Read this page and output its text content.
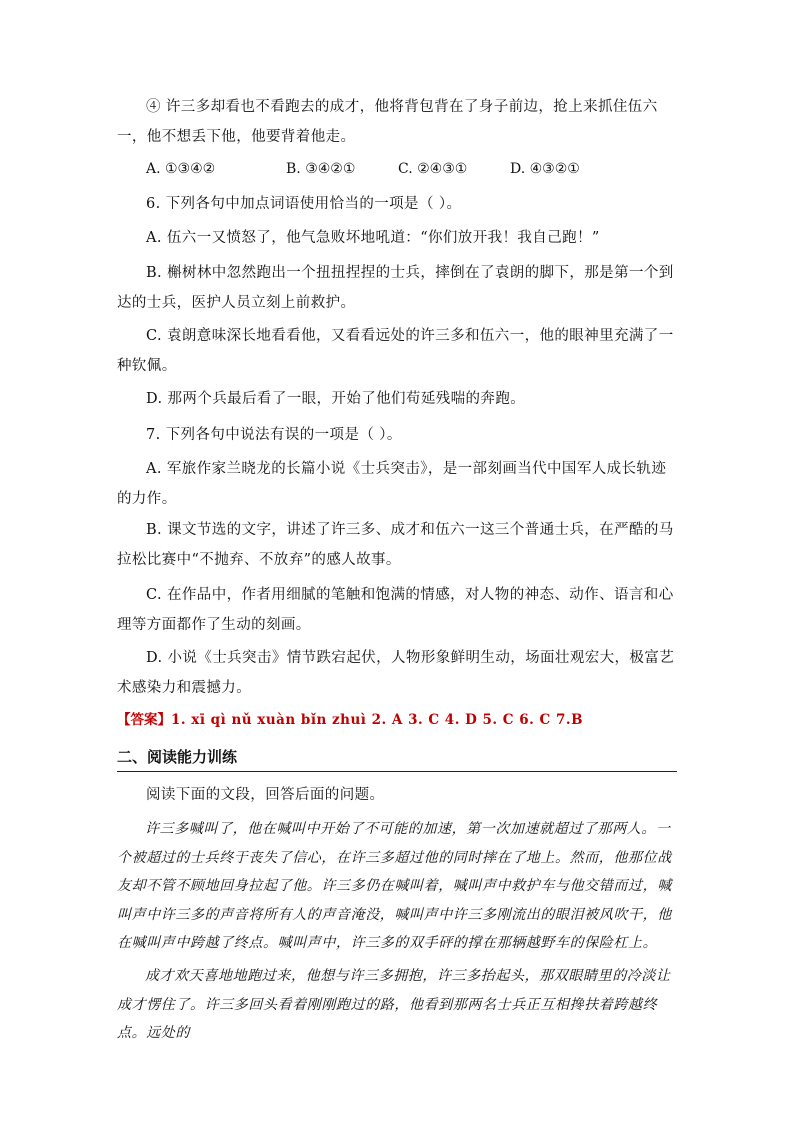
④ 许三多却看也不看跑去的成才，他将背包背在了身子前边，抢上来抓住伍六一，他不想丢下他，他要背着他走。

A. ①③④②	B. ③④②①	C. ②④③①	D. ④③②①

6. 下列各句中加点词语使用恰当的一项是（ ）。

A. 伍六一又愤怒了，他气急败坏地吼道：“你们放开我！我自己跑！”

B. 槲树林中忽然跑出一个扭扭捏捏的士兵，摔倒在了袁朗的脚下，那是第一个到达的士兵，医护人员立刻上前救护。

C. 袁朗意味深长地看看他，又看看远处的许三多和伍六一，他的眼神里充满了一种钦佩。

D. 那两个兵最后看了一眼，开始了他们苟延残喘的奔跑。

7. 下列各句中说法有误的一项是（ ）。

A. 军旅作家兰晓龙的长篇小说《士兵突击》，是一部刻画当代中国军人成长轨迹的力作。

B. 课文节选的文字，讲述了许三多、成才和伍六一这三个普通士兵，在严酷的马拉松比赛中“不抛弃、不放弃”的感人故事。

C. 在作品中，作者用细腻的笔触和饱满的情感，对人物的神态、动作、语言和心理等方面都作了生动的刻画。

D. 小说《士兵突击》情节跌宕起伏，人物形象鲜明生动，场面壮观宏大，极富艺术感染力和震撼力。

【答案】1. xī qì nǔ xuàn bǐn zhuì 2. A 3. C 4. D 5. C 6. C 7.B
二、阅读能力训练

阅读下面的文段，回答后面的问题。

许三多喊叫了，他在喊叫中开始了不可能的加速，第一次加速就超过了那两人。一个被超过的士兵终于丧失了信心，在许三多超过他的同时摔在了地上。然而，他那位战友却不管不顾地回身拉起了他。许三多仍在喊叫着，喊叫声中救护车与他交错而过，喊叫声中许三多的声音将所有人的声音淹没，喊叫声中许三多刚流出的眼泪被风吹干，他在喊叫声中跨越了终点。喊叫声中，许三多的双手砰的撑在那辆越野车的保险杠上。

成才欢天喜地地跑过来，他想与许三多拥抱，许三多抬起头，那双眼睛里的冷淡让成才愣住了。许三多回头看着刚刚跑过的路，他看到那两名士兵正互相搀扶着跨越终点。远处的
